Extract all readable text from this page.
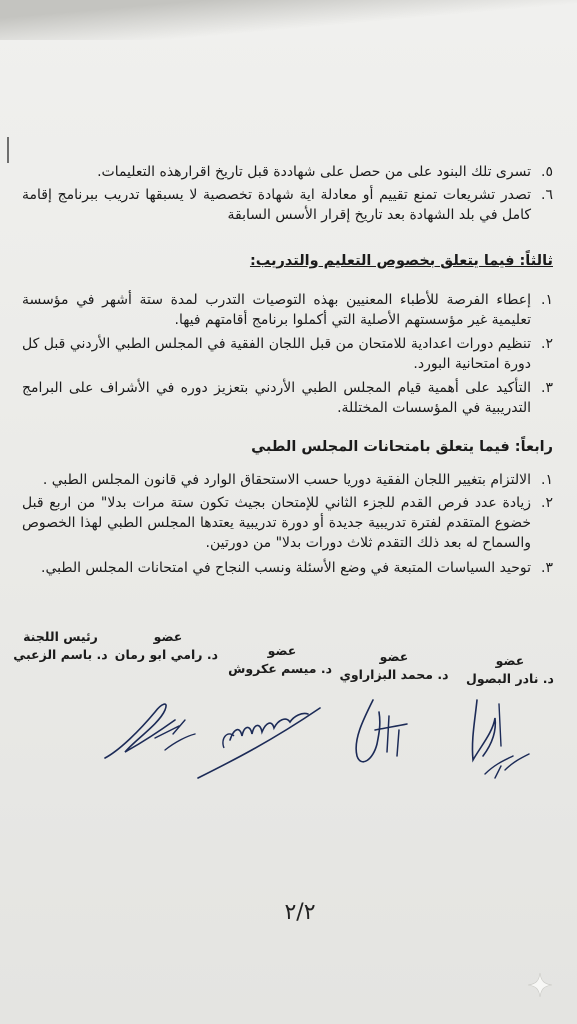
٥.
تسرى تلك البنود على من حصل على شهاددة قبل تاريخ اقرارهذه التعليمات.
٦.
تصدر تشريعات تمنع تقييم أو معادلة اية شهادة تخصصية لا يسبقها تدريب ببرنامج إقامة كامل في بلد الشهادة بعد تاريخ إقرار الأسس السابقة
ثالثاً: فيما يتعلق بخصوص التعليم والتدريب:
١.
إعطاء الفرصة للأطباء المعنيين بهذه التوصيات التدرب لمدة ستة أشهر في مؤسسة تعليمية غير مؤسستهم الأصلية التي أكملوا برنامج أقامتهم فيها.
٢.
تنظيم دورات اعدادية للامتحان من قبل اللجان الفقية في المجلس الطبي الأردني قبل كل دورة امتحانية البورد.
٣.
التأكيد على أهمية قيام المجلس الطبي الأردني بتعزيز دوره في الأشراف على البرامج التدريبية في المؤسسات المختللة.
رابعاً: فيما يتعلق بامتحانات المجلس الطبي
١.
الالتزام بتغيير اللجان الفقية دوريا حسب الاستحقاق الوارد في قانون المجلس الطبي .
٢.
زيادة عدد فرص القدم للجزء الثاني للإمتحان بجيث تكون ستة مرات بدلا" من اربع قبل خضوع المتقدم لفترة تدريبية جديدة أو دورة تدريبية يعتدها المجلس الطبي لهذا الخصوص والسماح له بعد ذلك التقدم ثلاث دورات بدلا" من دورتين.
٣.
توحيد السياسات المتبعة في وضع الأسئلة ونسب النجاح في امتحانات المجلس الطبي.
رئيس اللجنة
د. باسم الزعبي
عضو
د. رامي ابو رمان	عضو
د. ميسم عكروش
عضو
د. محمد البزاراوي
عضو
د. نادر البصول
٢/٢
